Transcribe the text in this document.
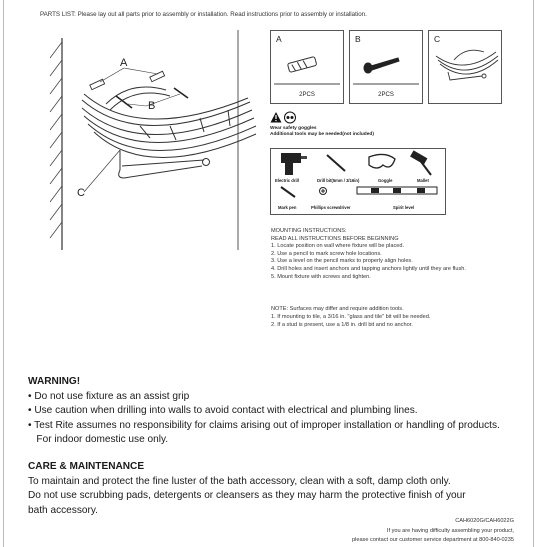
PARTS LIST: Please lay out all parts prior to assembly or installation. Read instructions prior to assembly or installation.
A
B
C
A	B	C
2PCS	2PCS
Wear safety goggles
Additional tools may be needed(not included)
Electric drill	Drill bit(5mm / 3/16in)	Goggle	Mallet
Mark pen	Phillips screwdriver	Spirit level
MOUNTING INSTRUCTIONS:
READ ALL INSTRUCTIONS BEFORE BEGINNING
1. Locate position on wall where fixture will be placed.
2. Use a pencil to mark screw hole locations.
3. Use a level on the pencil marks to properly align holes.
4. Drill holes and insert anchors and tapping anchors lightly until they are flush.
5. Mount fixture with screws and tighten.
NOTE: Surfaces may differ and require addition tools.
1. If mounting to tile, a 3/16 in. "glass and tile" bit will be needed.
2. If a stud is present, use a 1/8 in. drill bit and no anchor.
WARNING!
• Do not use fixture as an assist grip
• Use caution when drilling into walls to avoid contact with electrical and plumbing lines.
• Test Rite assumes no responsibility for claims arising out of improper installation or handling of products.
For indoor domestic use only.
CARE & MAINTENANCE
To maintain and protect the fine luster of the bath accessory, clean with a soft, damp cloth only.
Do not use scrubbing pads, detergents or cleansers as they may harm the protective finish of your
bath accessory.
CAH6020G/CAH6022G
If you are having difficulty assembling your product,
please contact our customer service department at 800-840-0235
